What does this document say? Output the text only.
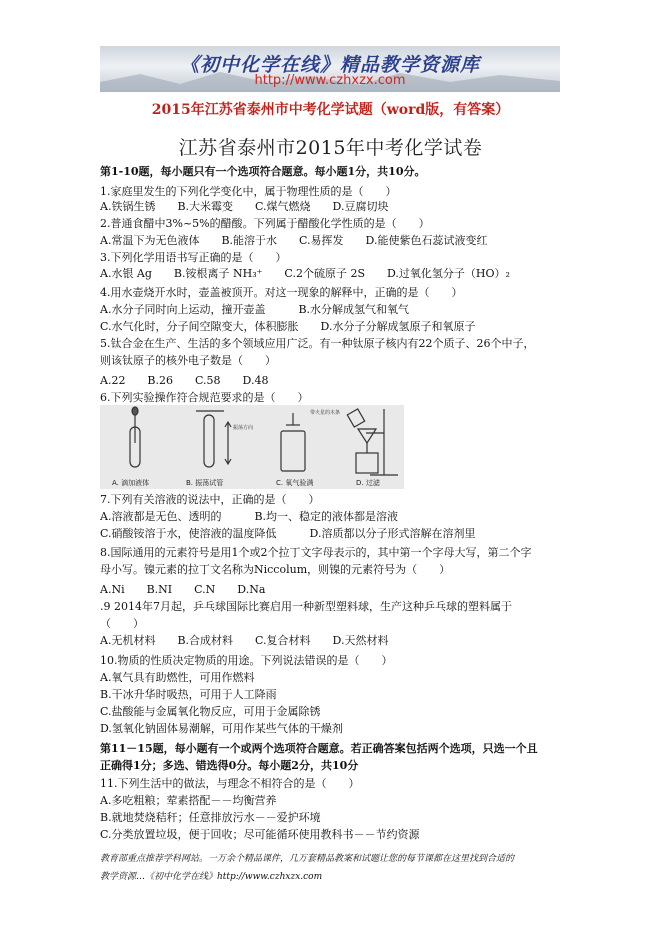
《初中化学在线》精品教学资源库
http://www.czhxzx.com
2015年江苏省泰州市中考化学试题（word版，有答案）
江苏省泰州市2015年中考化学试卷
第1-10题，每小题只有一个选项符合题意。每小题1分，共10分。
1.家庭里发生的下列化学变化中，属于物理性质的是（　　）
A.铁锅生锈　　B.大米霉变　　C.煤气燃烧　　D.豆腐切块
2.普通食醋中3%~5%的醋酸。下列属于醋酸化学性质的是（　　）
A.常温下为无色液体　　B.能溶于水　　C.易挥发　　D.能使紫色石蕊试液变红
3.下列化学用语书写正确的是（　　）
A.水银 Ag　　B.铵根离子 NH₃⁺　　C.2个硫原子 2S　　D.过氧化氢分子（HO）₂
4.用水壶烧开水时，壶盖被顶开。对这一现象的解释中，正确的是（　　）
A.水分子同时向上运动，撞开壶盖　　　B.水分解成氢气和氧气
C.水气化时，分子间空隙变大，体积膨胀　　D.水分子分解成氢原子和氧原子
5.钛合金在生产、生活的多个领域应用广泛。有一种钛原子核内有22个质子、26个中子，
则该钛原子的核外电子数是（　　）
A.22　　B.26　　C.58　　D.48
6.下列实验操作符合规范要求的是（　　）
7.下列有关溶液的说法中，正确的是（　　）
A.溶液都是无色、透明的　　　B.均一、稳定的液体都是溶液
C.硝酸铵溶于水，使溶液的温度降低　　　D.溶质都以分子形式溶解在溶剂里
8.国际通用的元素符号是用1个或2个拉丁文字母表示的，其中第一个字母大写，第二个字
母小写。镍元素的拉丁文名称为Niccolum，则镍的元素符号为（　　）
A.Ni　　B.NI　　C.N　　D.Na
.9 2014年7月起，乒乓球国际比赛启用一种新型塑料球，生产这种乒乓球的塑料属于
（　　）
A.无机材料　　B.合成材料　　C.复合材料　　D.天然材料
10.物质的性质决定物质的用途。下列说法错误的是（　　）
A.氧气具有助燃性，可用作燃料
B.干冰升华时吸热，可用于人工降雨
C.盐酸能与金属氧化物反应，可用于金属除锈
D.氢氧化钠固体易潮解，可用作某些气体的干燥剂
第11－15题，每小题有一个或两个选项符合题意。若正确答案包括两个选项，只选一个且
正确得1分；多选、错选得0分。每小题2分，共10分
11.下列生活中的做法，与理念不相符合的是（　　）
A.多吃粗粮；荤素搭配－－均衡营养
B.就地焚烧秸秆；任意排放污水－－爱护环境
C.分类放置垃圾，便于回收；尽可能循环使用教科书－－节约资源
振荡方向
带火星的木条
A. 滴加液体	B. 振荡试管	C. 氧气验满	D. 过滤
教育部重点推荐学科网站。一万余个精品课件，几万套精品教案和试题让您的每节课都在这里找到合适的
教学资源…《初中化学在线》http://www.czhxzx.com
